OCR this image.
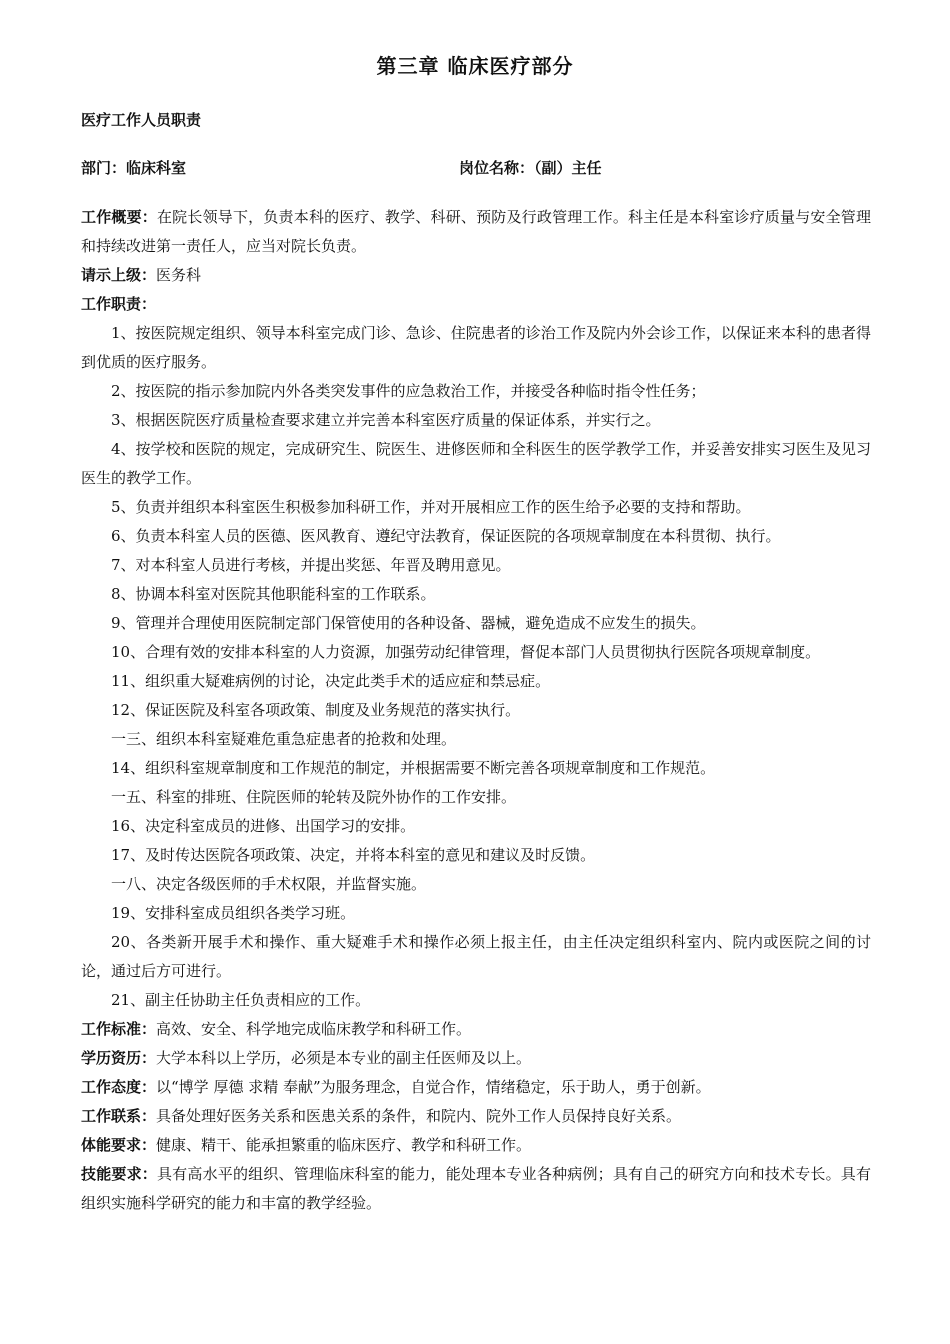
第三章 临床医疗部分
医疗工作人员职责
部门：临床科室	岗位名称：（副）主任

工作概要：在院长领导下，负责本科的医疗、教学、科研、预防及行政管理工作。科主任是本科室诊疗质量与安全管理和持续改进第一责任人，应当对院长负责。

请示上级：医务科

工作职责：

1、按医院规定组织、领导本科室完成门诊、急诊、住院患者的诊治工作及院内外会诊工作，以保证来本科的患者得到优质的医疗服务。

2、按医院的指示参加院内外各类突发事件的应急救治工作，并接受各种临时指令性任务；

3、根据医院医疗质量检查要求建立并完善本科室医疗质量的保证体系，并实行之。

4、按学校和医院的规定，完成研究生、院医生、进修医师和全科医生的医学教学工作，并妥善安排实习医生及见习医生的教学工作。

5、负责并组织本科室医生积极参加科研工作，并对开展相应工作的医生给予必要的支持和帮助。

6、负责本科室人员的医德、医风教育、遵纪守法教育，保证医院的各项规章制度在本科贯彻、执行。

7、对本科室人员进行考核，并提出奖惩、年晋及聘用意见。

8、协调本科室对医院其他职能科室的工作联系。

9、管理并合理使用医院制定部门保管使用的各种设备、器械，避免造成不应发生的损失。

10、合理有效的安排本科室的人力资源，加强劳动纪律管理，督促本部门人员贯彻执行医院各项规章制度。

11、组织重大疑难病例的讨论，决定此类手术的适应症和禁忌症。

12、保证医院及科室各项政策、制度及业务规范的落实执行。

一三、组织本科室疑难危重急症患者的抢救和处理。

14、组织科室规章制度和工作规范的制定，并根据需要不断完善各项规章制度和工作规范。

一五、科室的排班、住院医师的轮转及院外协作的工作安排。

16、决定科室成员的进修、出国学习的安排。

17、及时传达医院各项政策、决定，并将本科室的意见和建议及时反馈。

一八、决定各级医师的手术权限，并监督实施。

19、安排科室成员组织各类学习班。

20、各类新开展手术和操作、重大疑难手术和操作必须上报主任，由主任决定组织科室内、院内或医院之间的讨论，通过后方可进行。

21、副主任协助主任负责相应的工作。

工作标准：高效、安全、科学地完成临床教学和科研工作。

学历资历：大学本科以上学历，必须是本专业的副主任医师及以上。

工作态度：以“博学 厚德 求精 奉献”为服务理念，自觉合作，情绪稳定，乐于助人，勇于创新。

工作联系：具备处理好医务关系和医患关系的条件，和院内、院外工作人员保持良好关系。

体能要求：健康、精干、能承担繁重的临床医疗、教学和科研工作。

技能要求：具有高水平的组织、管理临床科室的能力，能处理本专业各种病例；具有自己的研究方向和技术专长。具有组织实施科学研究的能力和丰富的教学经验。
